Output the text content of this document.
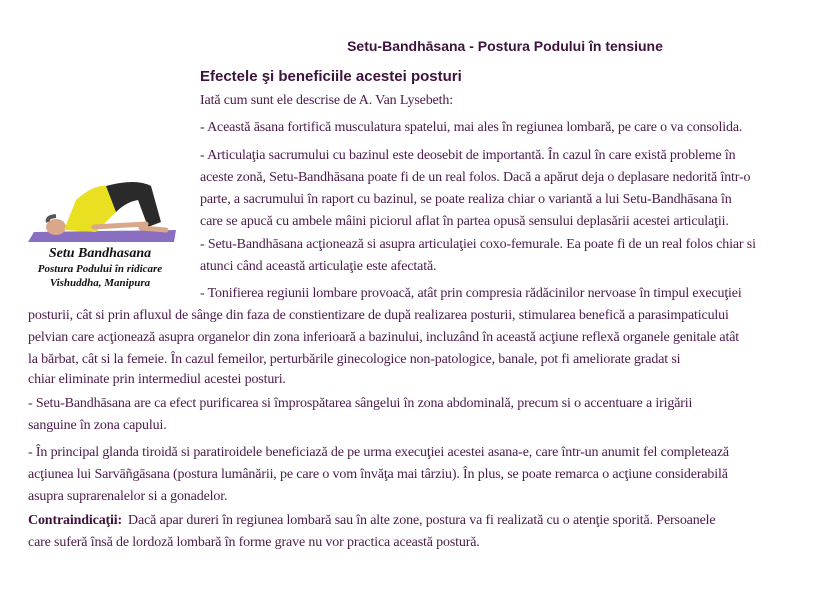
Setu-Bandhāsana - Postura Podului în tensiune
Efectele şi beneficiile acestei posturi
Setu Bandhasana
Postura Podului în ridicare
Vishuddha, Manipura
Iată cum sunt ele descrise de A. Van Lysebeth:
- Această āsana fortifică musculatura spatelui, mai ales în regiunea lombară, pe care o va consolida.
- Articulaţia sacrumului cu bazinul este deosebit de importantă. În cazul în care există probleme în
aceste zonă, Setu-Bandhāsana poate fi de un real folos. Dacă a apărut deja o deplasare nedorită într-o
parte, a sacrumului în raport cu bazinul, se poate realiza chiar o variantă a lui Setu-Bandhāsana în
care se apucă cu ambele mâini piciorul aflat în partea opusă sensului deplasării acestei articulaţii.
- Setu-Bandhāsana acţionează si asupra articulaţiei coxo-femurale. Ea poate fi de un real folos chiar si
atunci când această articulaţie este afectată.
- Tonifierea regiunii lombare provoacă, atât prin compresia rădăcinilor nervoase în timpul execuţiei
posturii, cât si prin afluxul de sânge din faza de constientizare de după realizarea posturii, stimularea benefică a parasimpaticului
pelvian care acţionează asupra organelor din zona inferioară a bazinului, incluzând în această acţiune reflexă organele genitale atât
la bărbat, cât si la femeie. În cazul femeilor, perturbările ginecologice non-patologice, banale, pot fi ameliorate gradat si
chiar eliminate prin intermediul acestei posturi.
- Setu-Bandhāsana are ca efect purificarea si împrospătarea sângelui în zona abdominală, precum si o accentuare a irigării
sanguine în zona capului.
- În principal glanda tiroidă si paratiroidele beneficiază de pe urma execuţiei acestei asana-e, care într-un anumit fel completează
acţiunea lui Sarvāñgāsana (postura lumânării, pe care o vom învăţa mai târziu). În plus, se poate remarca o acţiune considerabilă
asupra suprarenalelor si a gonadelor.
Contraindicaţii: Dacă apar dureri în regiunea lombară sau în alte zone, postura va fi realizată cu o atenţie sporită. Persoanele
care suferă însă de lordoză lombară în forme grave nu vor practica această postură.
